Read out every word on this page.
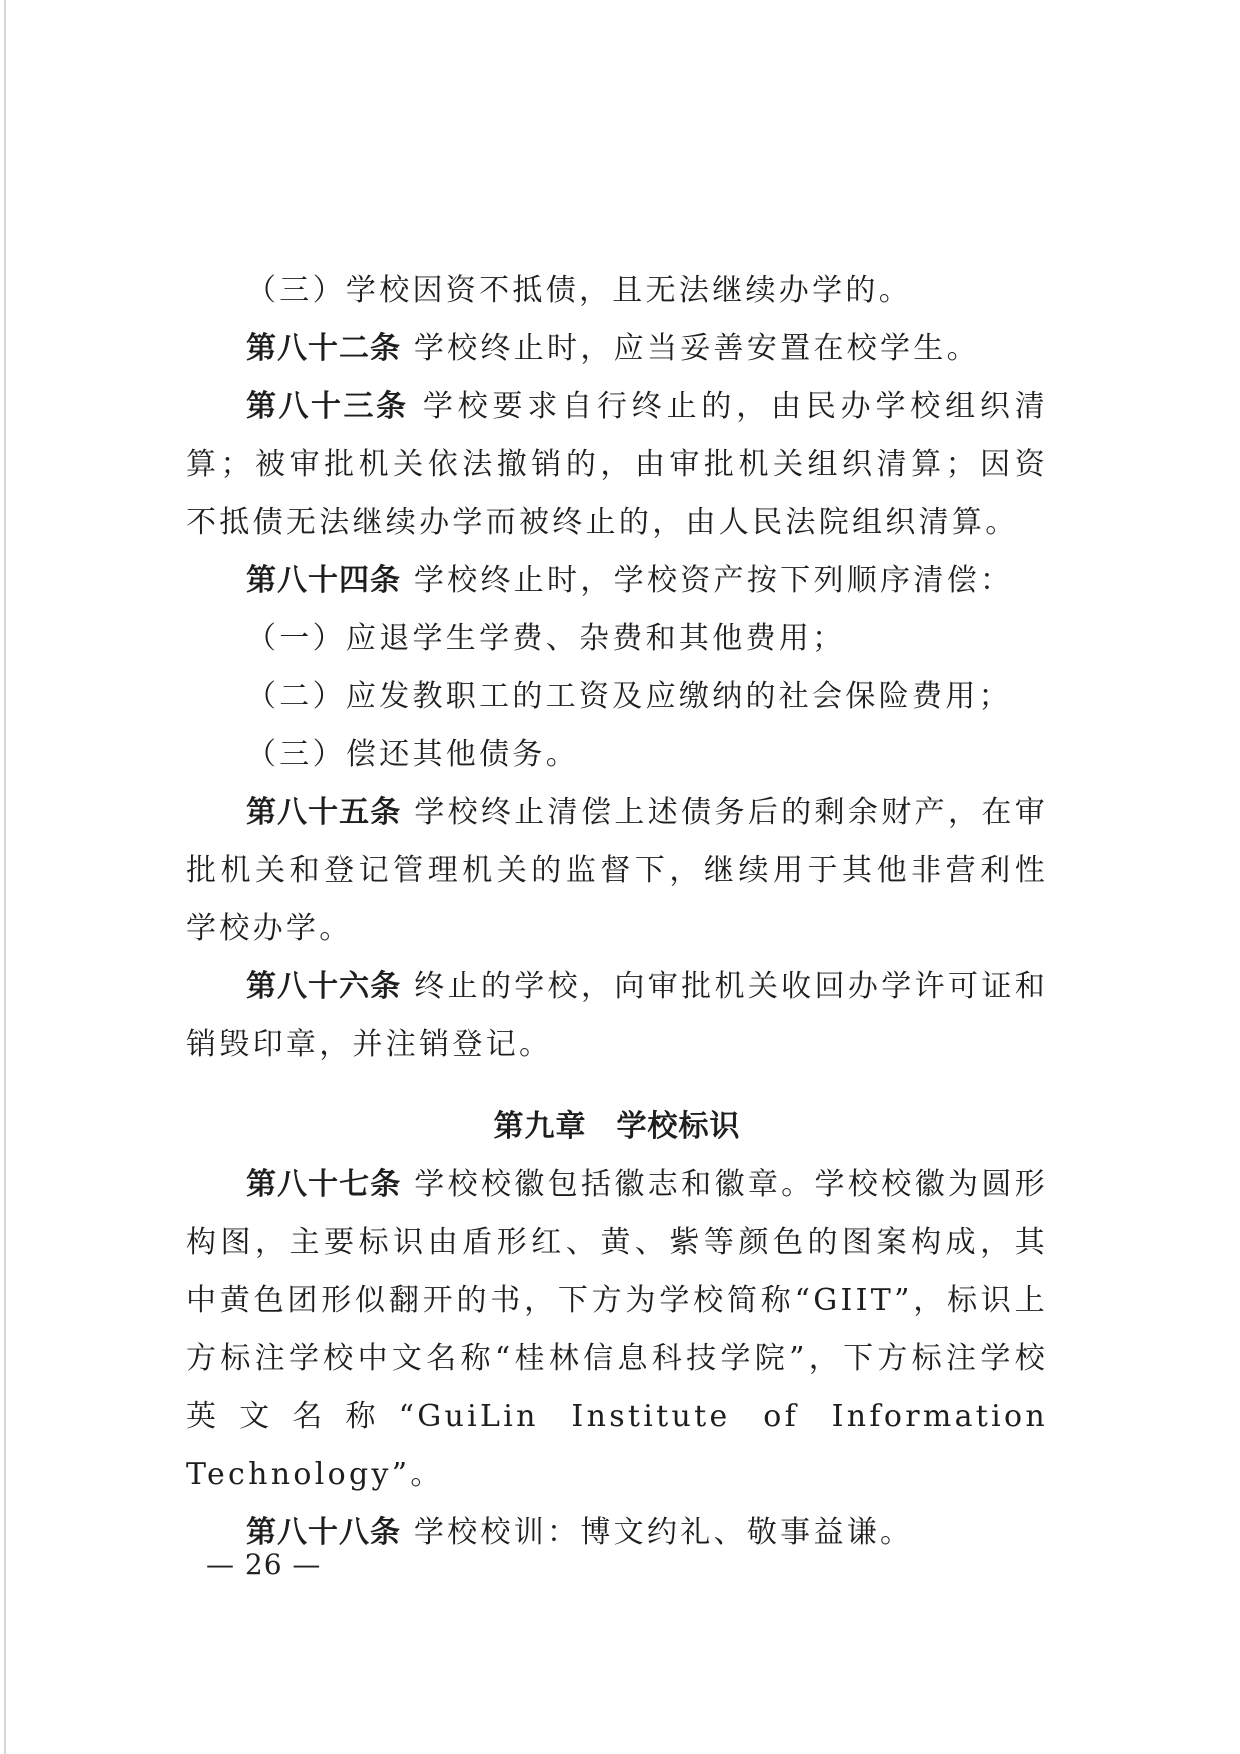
（三）学校因资不抵债，且无法继续办学的。

第八十二条 学校终止时，应当妥善安置在校学生。

第八十三条 学校要求自行终止的，由民办学校组织清算；被审批机关依法撤销的，由审批机关组织清算；因资不抵债无法继续办学而被终止的，由人民法院组织清算。

第八十四条 学校终止时，学校资产按下列顺序清偿：

（一）应退学生学费、杂费和其他费用；

（二）应发教职工的工资及应缴纳的社会保险费用；

（三）偿还其他债务。

第八十五条 学校终止清偿上述债务后的剩余财产，在审批机关和登记管理机关的监督下，继续用于其他非营利性学校办学。

第八十六条 终止的学校，向审批机关收回办学许可证和销毁印章，并注销登记。

第九章 学校标识

第八十七条 学校校徽包括徽志和徽章。学校校徽为圆形构图，主要标识由盾形红、黄、紫等颜色的图案构成，其中黄色团形似翻开的书，下方为学校简称“GIIT”，标识上方标注学校中文名称“桂林信息科技学院”，下方标注学校英文名称“GuiLin Institute of Information Technology”。

第八十八条 学校校训：博文约礼、敬事益谦。

— 26 —
